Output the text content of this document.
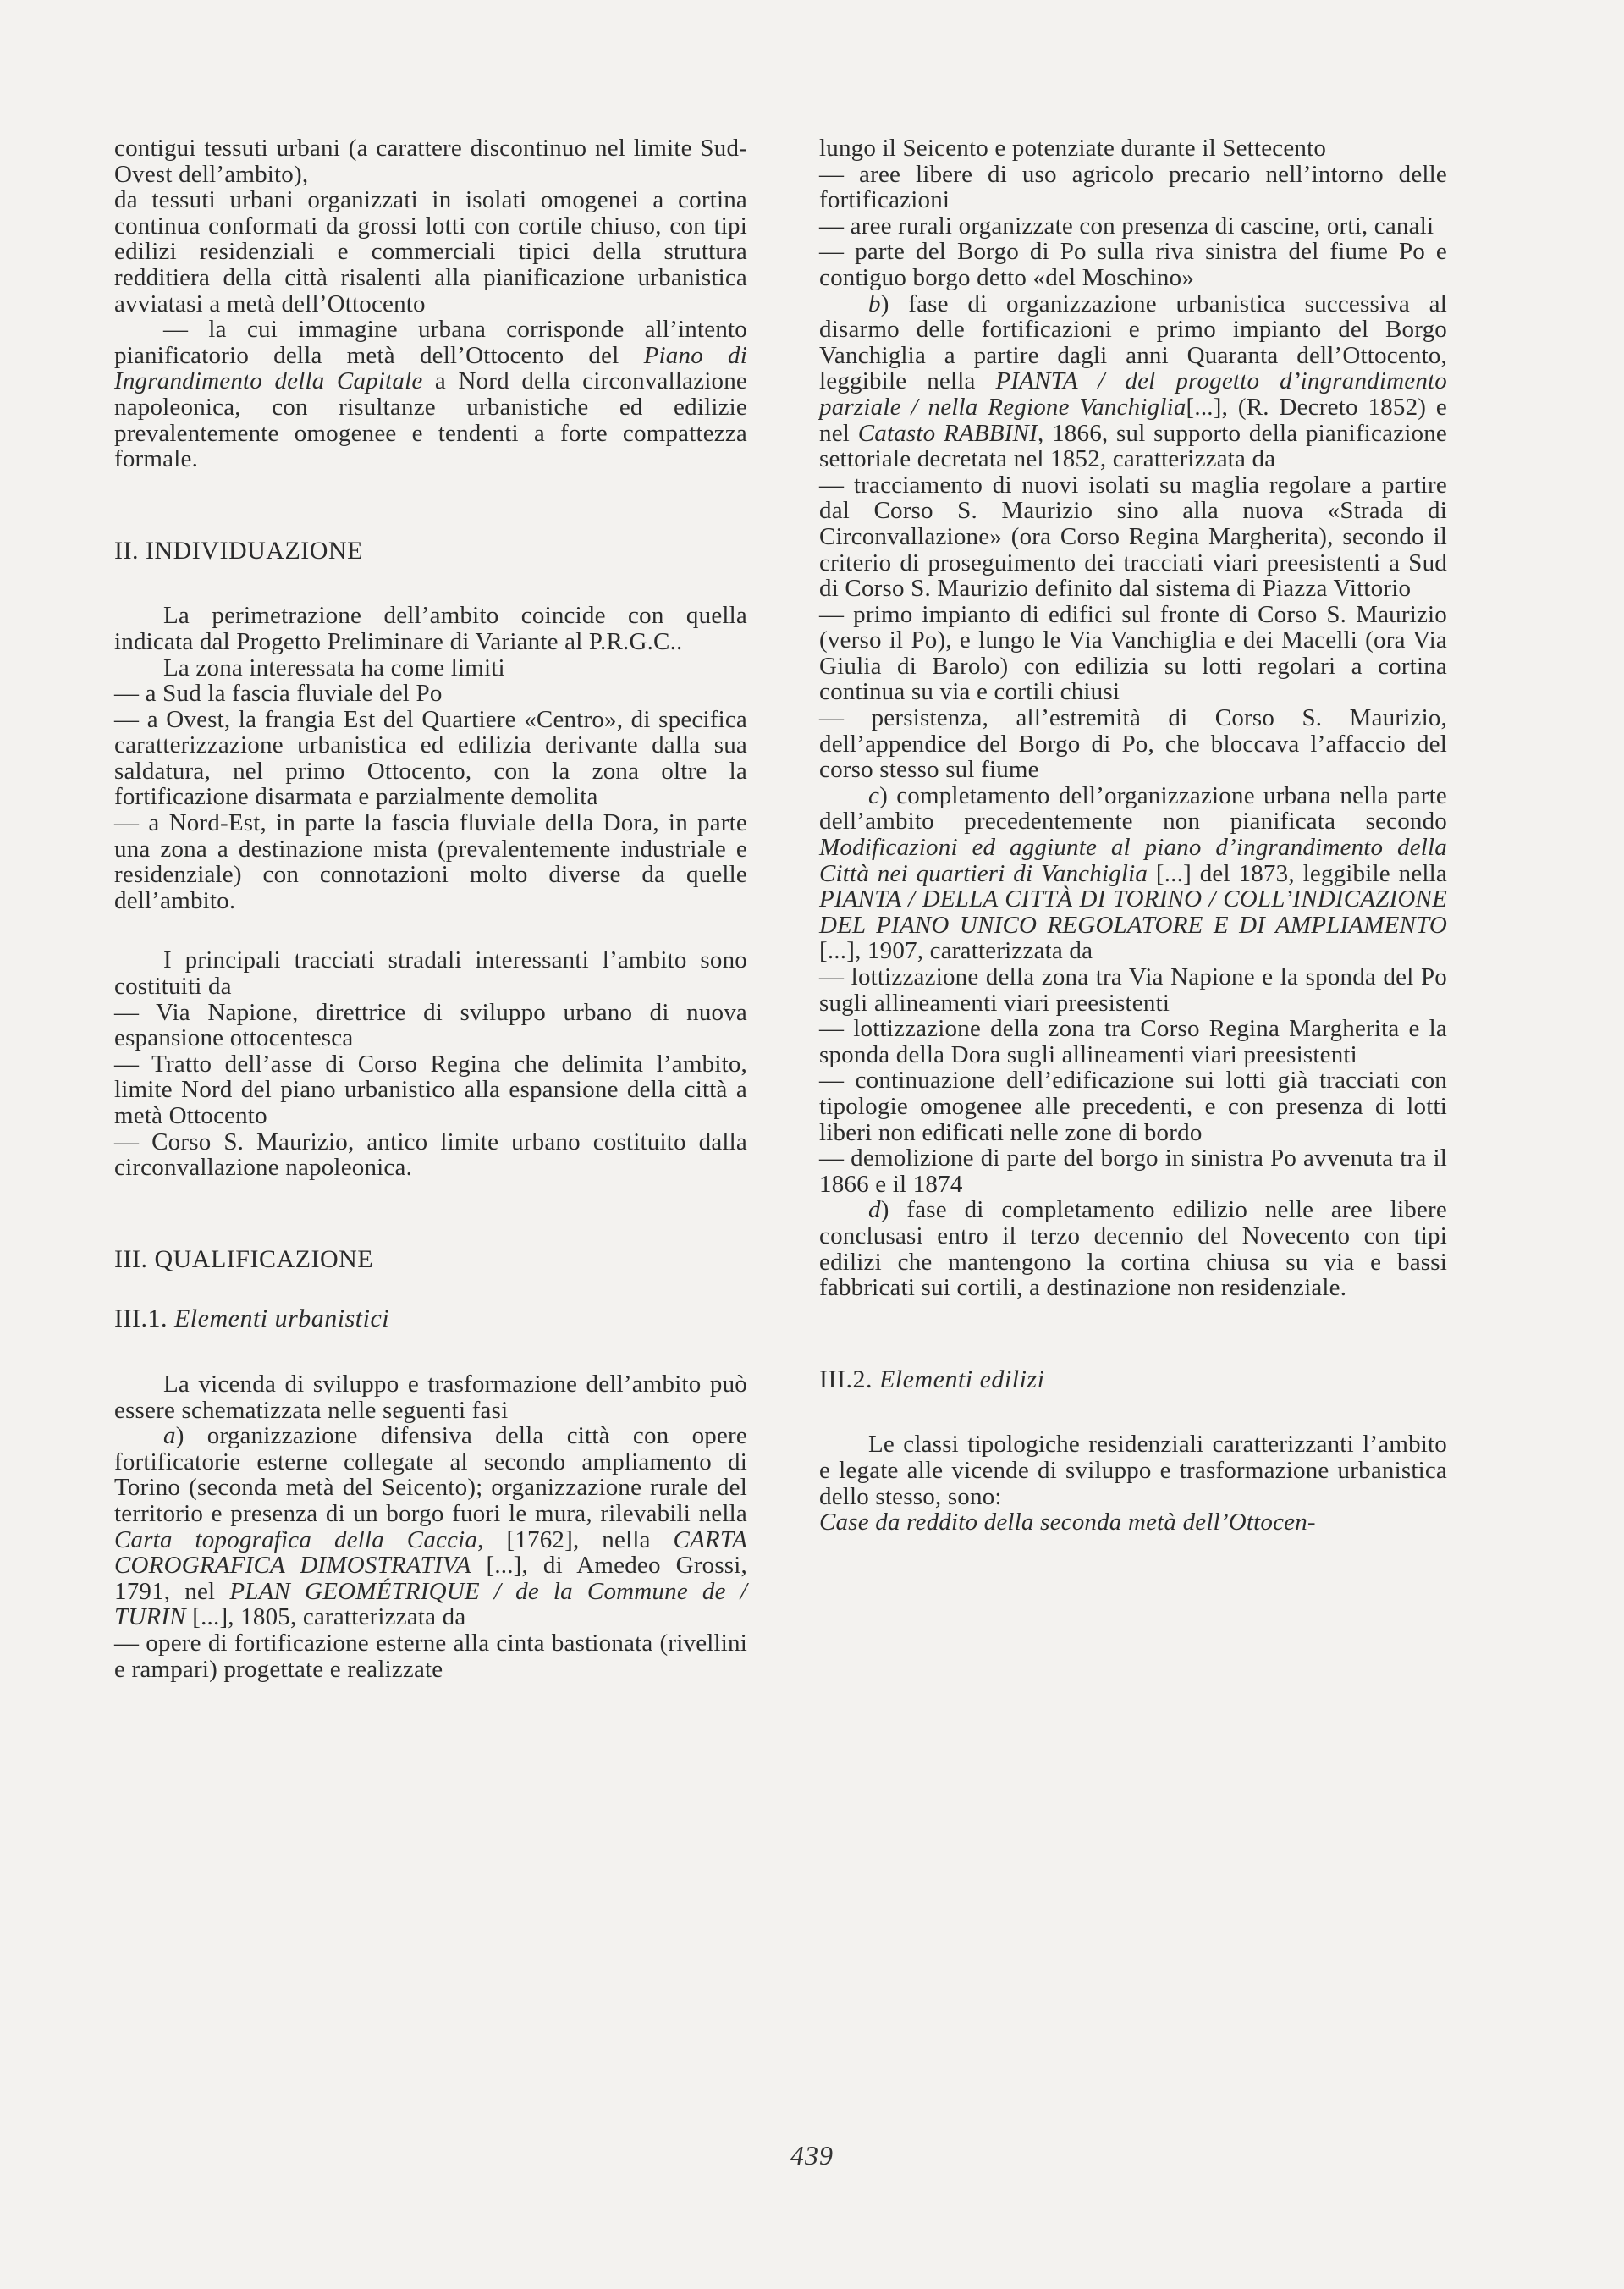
contigui tessuti urbani (a carattere discontinuo nel limite Sud-Ovest dell’ambito),

da tessuti urbani organizzati in isolati omogenei a cortina continua conformati da grossi lotti con cortile chiuso, con tipi edilizi residenziali e commerciali tipici della struttura redditiera della città risalenti alla pianificazione urbanistica avviatasi a metà dell’Ottocento

— la cui immagine urbana corrisponde all’intento pianificatorio della metà dell’Ottocento del Piano di Ingrandimento della Capitale a Nord della circonvallazione napoleonica, con risultanze urbanistiche ed edilizie prevalentemente omogenee e tendenti a forte compattezza formale.

II. INDIVIDUAZIONE

La perimetrazione dell’ambito coincide con quella indicata dal Progetto Preliminare di Variante al P.R.G.C..

La zona interessata ha come limiti

— a Sud la fascia fluviale del Po

— a Ovest, la frangia Est del Quartiere «Centro», di specifica caratterizzazione urbanistica ed edilizia derivante dalla sua saldatura, nel primo Ottocento, con la zona oltre la fortificazione disarmata e parzialmente demolita

— a Nord-Est, in parte la fascia fluviale della Dora, in parte una zona a destinazione mista (prevalentemente industriale e residenziale) con connotazioni molto diverse da quelle dell’ambito.

I principali tracciati stradali interessanti l’ambito sono costituiti da

— Via Napione, direttrice di sviluppo urbano di nuova espansione ottocentesca

— Tratto dell’asse di Corso Regina che delimita l’ambito, limite Nord del piano urbanistico alla espansione della città a metà Ottocento

— Corso S. Maurizio, antico limite urbano costituito dalla circonvallazione napoleonica.

III. QUALIFICAZIONE

III.1. Elementi urbanistici

La vicenda di sviluppo e trasformazione dell’ambito può essere schematizzata nelle seguenti fasi

a) organizzazione difensiva della città con opere fortificatorie esterne collegate al secondo ampliamento di Torino (seconda metà del Seicento); organizzazione rurale del territorio e presenza di un borgo fuori le mura, rilevabili nella Carta topografica della Caccia, [1762], nella CARTA COROGRAFICA DIMOSTRATIVA [...], di Amedeo Grossi, 1791, nel PLAN GEOMÉTRIQUE / de la Commune de / TURIN [...], 1805, caratterizzata da

— opere di fortificazione esterne alla cinta bastionata (rivellini e rampari) progettate e realizzate

lungo il Seicento e potenziate durante il Settecento

— aree libere di uso agricolo precario nell’intorno delle fortificazioni

— aree rurali organizzate con presenza di cascine, orti, canali

— parte del Borgo di Po sulla riva sinistra del fiume Po e contiguo borgo detto «del Moschino»

b) fase di organizzazione urbanistica successiva al disarmo delle fortificazioni e primo impianto del Borgo Vanchiglia a partire dagli anni Quaranta dell’Ottocento, leggibile nella PIANTA / del progetto d’ingrandimento parziale / nella Regione Vanchiglia[...], (R. Decreto 1852) e nel Catasto RABBINI, 1866, sul supporto della pianificazione settoriale decretata nel 1852, caratterizzata da

— tracciamento di nuovi isolati su maglia regolare a partire dal Corso S. Maurizio sino alla nuova «Strada di Circonvallazione» (ora Corso Regina Margherita), secondo il criterio di proseguimento dei tracciati viari preesistenti a Sud di Corso S. Maurizio definito dal sistema di Piazza Vittorio

— primo impianto di edifici sul fronte di Corso S. Maurizio (verso il Po), e lungo le Via Vanchiglia e dei Macelli (ora Via Giulia di Barolo) con edilizia su lotti regolari a cortina continua su via e cortili chiusi

— persistenza, all’estremità di Corso S. Maurizio, dell’appendice del Borgo di Po, che bloccava l’affaccio del corso stesso sul fiume

c) completamento dell’organizzazione urbana nella parte dell’ambito precedentemente non pianificata secondo Modificazioni ed aggiunte al piano d’ingrandimento della Città nei quartieri di Vanchiglia [...] del 1873, leggibile nella PIANTA / DELLA CITTÀ DI TORINO / COLL’INDICAZIONE DEL PIANO UNICO REGOLATORE E DI AMPLIAMENTO [...], 1907, caratterizzata da

— lottizzazione della zona tra Via Napione e la sponda del Po sugli allineamenti viari preesistenti

— lottizzazione della zona tra Corso Regina Margherita e la sponda della Dora sugli allineamenti viari preesistenti

— continuazione dell’edificazione sui lotti già tracciati con tipologie omogenee alle precedenti, e con presenza di lotti liberi non edificati nelle zone di bordo

— demolizione di parte del borgo in sinistra Po avvenuta tra il 1866 e il 1874

d) fase di completamento edilizio nelle aree libere conclusasi entro il terzo decennio del Novecento con tipi edilizi che mantengono la cortina chiusa su via e bassi fabbricati sui cortili, a destinazione non residenziale.

III.2. Elementi edilizi

Le classi tipologiche residenziali caratterizzanti l’ambito e legate alle vicende di sviluppo e trasformazione urbanistica dello stesso, sono:

Case da reddito della seconda metà dell’Ottocen-

439
